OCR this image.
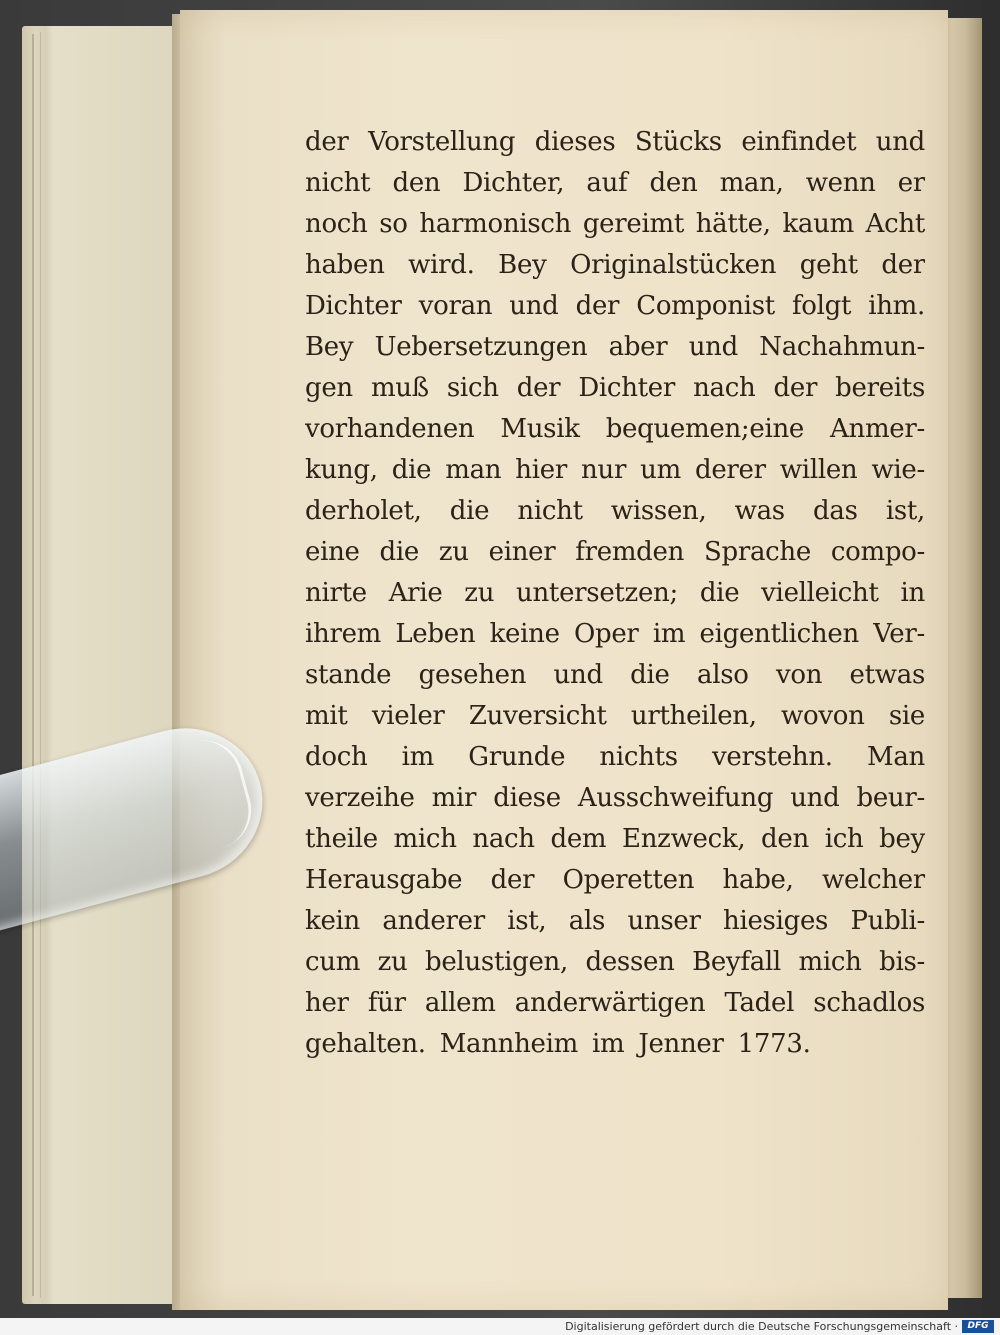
der Vorstellung dieses Stücks einfindet und
nicht den Dichter, auf den man, wenn er
noch so harmonisch gereimt hätte, kaum Acht
haben wird. Bey Originalstücken geht der
Dichter voran und der Componist folgt ihm.
Bey Uebersetzungen aber und Nachahmun-
gen muß sich der Dichter nach der bereits
vorhandenen Musik bequemen;eine Anmer-
kung, die man hier nur um derer willen wie-
derholet, die nicht wissen, was das ist,
eine die zu einer fremden Sprache compo-
nirte Arie zu untersetzen; die vielleicht in
ihrem Leben keine Oper im eigentlichen Ver-
stande gesehen und die also von etwas
mit vieler Zuversicht urtheilen, wovon sie
doch im Grunde nichts verstehn. Man
verzeihe mir diese Ausschweifung und beur-
theile mich nach dem Enzweck, den ich bey
Herausgabe der Operetten habe, welcher
kein anderer ist, als unser hiesiges Publi-
cum zu belustigen, dessen Beyfall mich bis-
her für allem anderwärtigen Tadel schadlos
gehalten. Mannheim im Jenner 1773.
Digitalisierung gefördert durch die Deutsche Forschungsgemeinschaft ·	DFG
